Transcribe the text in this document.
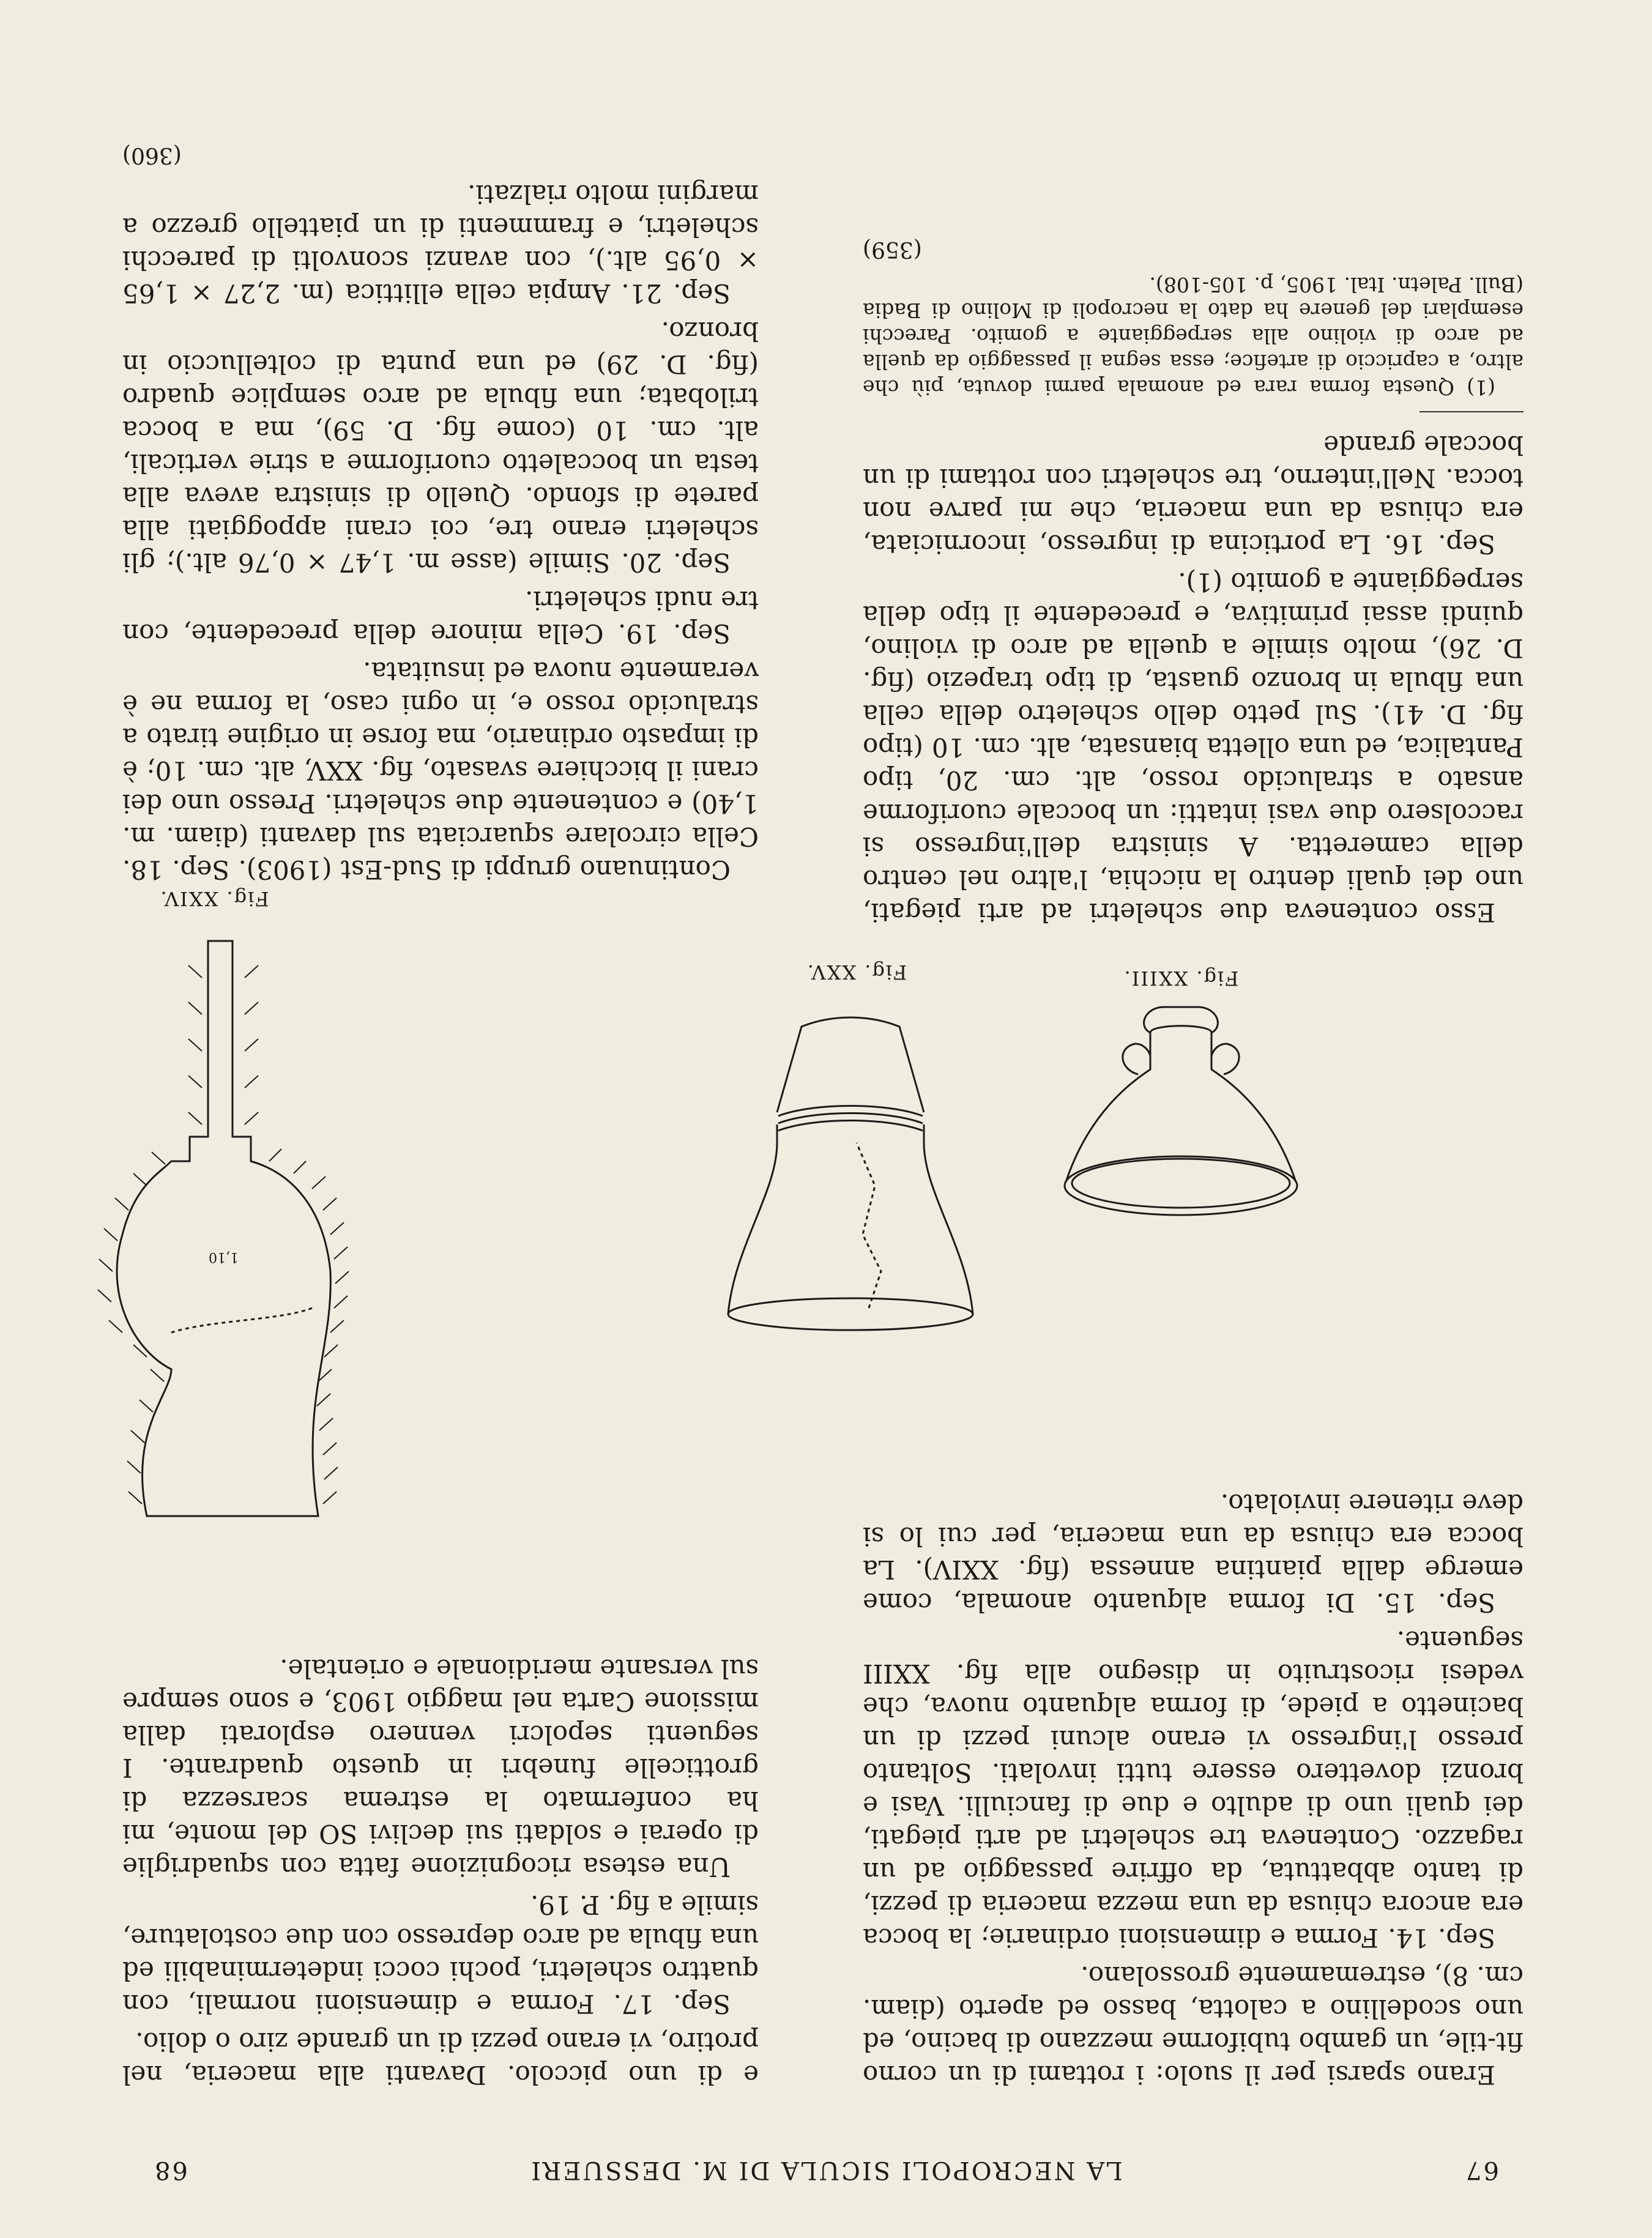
67
LA NECROPOLI SICULA DI M. DESSUERI
68

Erano sparsi per il suolo: i rottami di un corno fit-tile, un gambo tubiforme mezzano di bacino, ed uno scodellino a calotta, basso ed aperto (diam. cm. 8), estremamente grossolano.

Sep. 14. Forma e dimensioni ordinarie; la bocca era ancora chiusa da una mezza maceria di pezzi, di tanto abbattuta, da offrire passaggio ad un ragazzo. Conteneva tre scheletri ad arti piegati, dei quali uno di adulto e due di fanciulli. Vasi e bronzi dovettero essere tutti involati. Soltanto presso l'ingresso vi erano alcuni pezzi di un bacinetto a piede, di forma alquanto nuova, che vedesi ricostruito in disegno alla fig. XXIII seguente.

Sep. 15. Di forma alquanto anomala, come emerge dalla piantina annessa (fig. XXIV). La bocca era chiusa da una maceria, per cui lo si deve ritenere inviolato.

Esso conteneva due scheletri ad arti piegati, uno dei quali dentro la nicchia, l'altro nel centro della cameretta. A sinistra dell'ingresso si raccolsero due vasi intatti: un boccale cuoriforme ansato a stralucido rosso, alt. cm. 20, tipo Pantalica, ed una olletta biansata, alt. cm. 10 (tipo fig. D. 41). Sul petto dello scheletro della cella una fibula in bronzo guasta, di tipo trapezio (fig. D. 26), molto simile a quella ad arco di violino, quindi assai primitiva, e precedente il tipo della serpeggiante a gomito (1).

Sep. 16. La porticina di ingresso, incorniciata, era chiusa da una maceria, che mi parve non tocca. Nell'interno, tre scheletri con rottami di un boccale grande

(1) Questa forma rara ed anomala parmi dovuta, più che altro, a capriccio di artefice; essa segna il passaggio da quella ad arco di violino alla serpeggiante a gomito. Parecchi esemplari del genere ha dato la necropoli di Molino di Badia (Bull. Paletn. Ital. 1905, p. 105-108).

(359)

e di uno piccolo. Davanti alla maceria, nel protiro, vi erano pezzi di un grande ziro o dolio.

Sep. 17. Forma e dimensioni normali, con quattro scheletri, pochi cocci indeterminabili ed una fibula ad arco depresso con due costolature, simile a fig. P. 19.

Una estesa ricognizione fatta con squadriglie di operai e soldati sui declivi SO del monte, mi ha confermato la estrema scarsezza di grotticelle funebri in questo quadrante. I seguenti sepolcri vennero esplorati dalla missione Carta nel maggio 1903, e sono sempre sul versante meridionale e orientale.

Continuano gruppi di Sud-Est (1903). Sep. 18. Cella circolare squarciata sul davanti (diam. m. 1,40) e contenente due scheletri. Presso uno dei crani il bicchiere svasato, fig. XXV, alt. cm. 10; è di impasto ordinario, ma forse in origine tirato a stralucido rosso e, in ogni caso, la forma ne è veramente nuova ed insuitata.

Sep. 19. Cella minore della precedente, con tre nudi scheletri.

Sep. 20. Simile (asse m. 1,47 × 0,76 alt.); gli scheletri erano tre, coi crani appoggiati alla parete di sfondo. Quello di sinistra aveva alla testa un boccaletto cuoriforme a strie verticali, alt. cm. 10 (come fig. D. 59), ma a bocca trilobata; una fibula ad arco semplice quadro (fig. D. 29) ed una punta di coltelluccio in bronzo.

Sep. 21. Ampia cella ellittica (m. 2,27 × 1,65 × 0,95 alt.), con avanzi sconvolti di parecchi scheletri, e frammenti di un piattello grezzo a margini molto rialzati.

(360)
Fig. XXIII.
Fig. XXV.
1,10
Fig. XXIV.
